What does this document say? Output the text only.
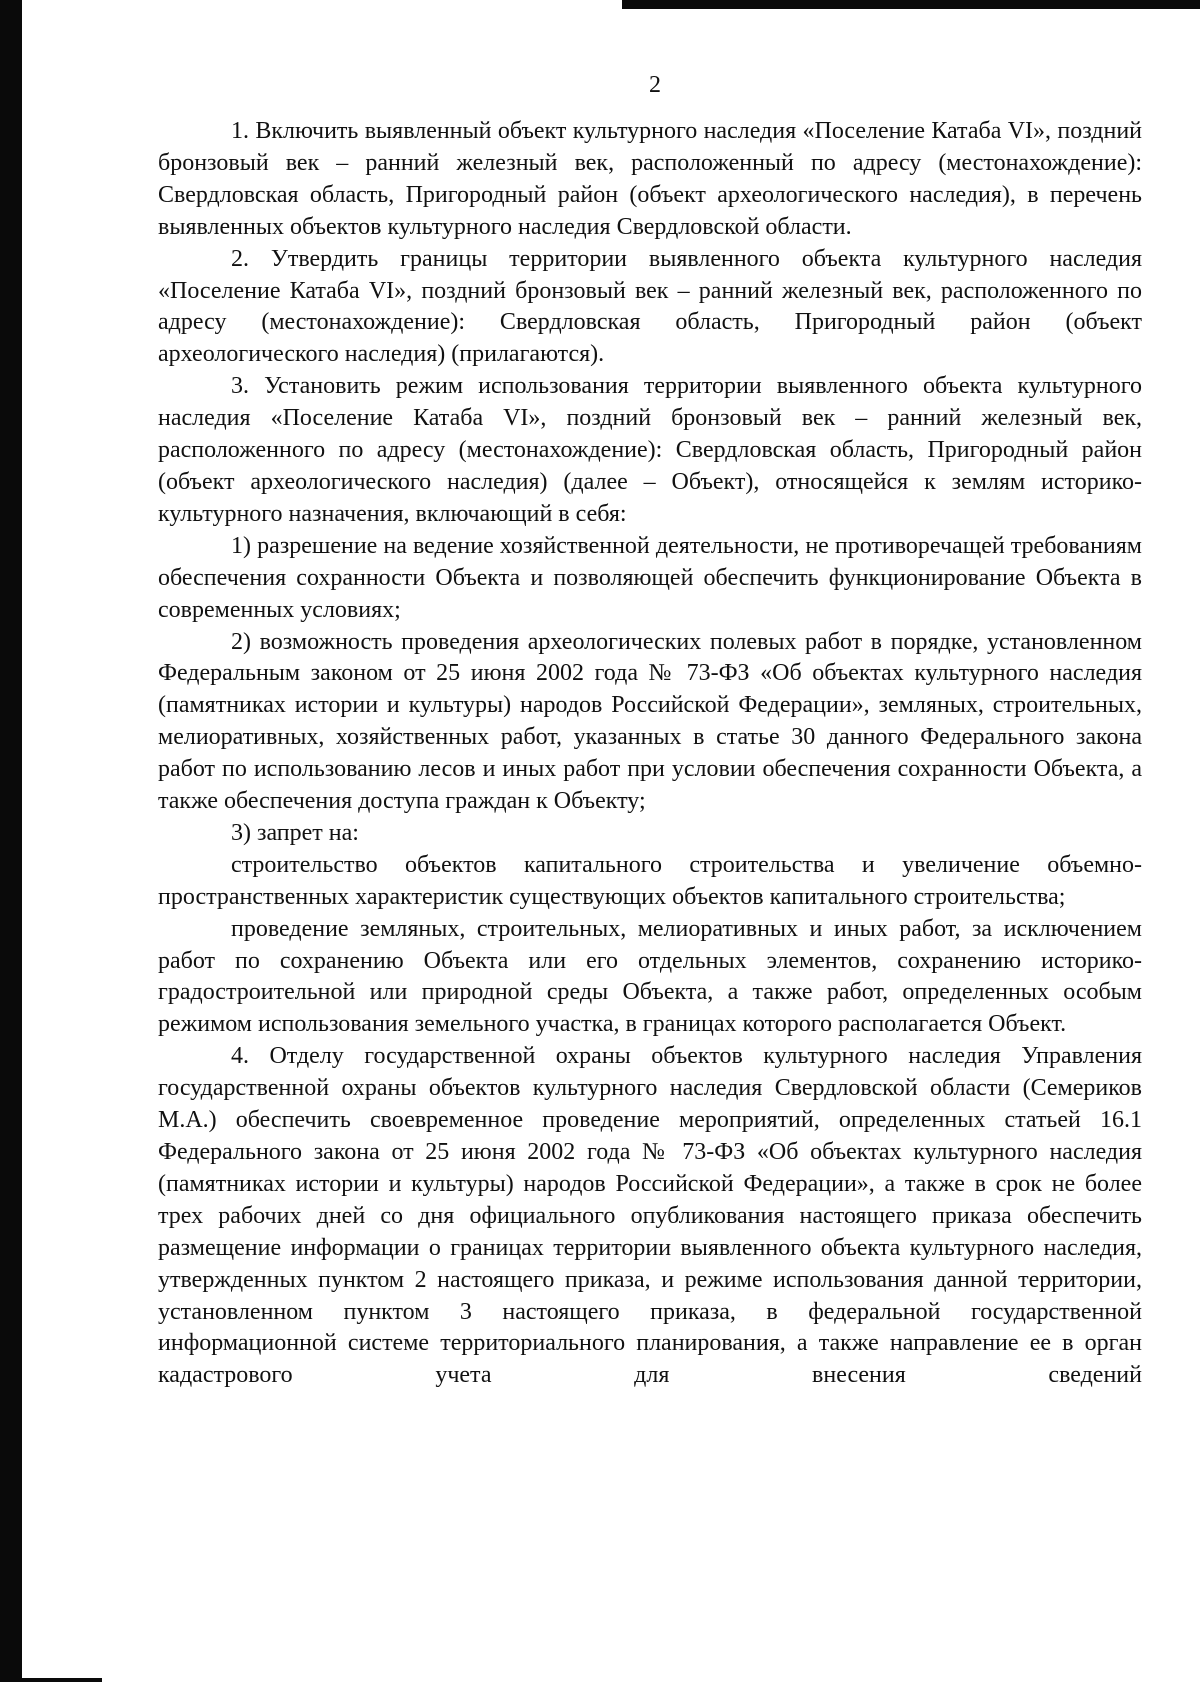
2

1. Включить выявленный объект культурного наследия «Поселение Катаба VI», поздний бронзовый век – ранний железный век, расположенный по адресу (местонахождение): Свердловская область, Пригородный район (объект археологического наследия), в перечень выявленных объектов культурного наследия Свердловской области.

2. Утвердить границы территории выявленного объекта культурного наследия «Поселение Катаба VI», поздний бронзовый век – ранний железный век, расположенного по адресу (местонахождение): Свердловская область, Пригородный район (объект археологического наследия) (прилагаются).

3. Установить режим использования территории выявленного объекта культурного наследия «Поселение Катаба VI», поздний бронзовый век – ранний железный век, расположенного по адресу (местонахождение): Свердловская область, Пригородный район (объект археологического наследия) (далее – Объект), относящейся к землям историко-культурного назначения, включающий в себя:

1) разрешение на ведение хозяйственной деятельности, не противоречащей требованиям обеспечения сохранности Объекта и позволяющей обеспечить функционирование Объекта в современных условиях;

2) возможность проведения археологических полевых работ в порядке, установленном Федеральным законом от 25 июня 2002 года № 73-ФЗ «Об объектах культурного наследия (памятниках истории и культуры) народов Российской Федерации», земляных, строительных, мелиоративных, хозяйственных работ, указанных в статье 30 данного Федерального закона работ по использованию лесов и иных работ при условии обеспечения сохранности Объекта, а также обеспечения доступа граждан к Объекту;

3) запрет на:

строительство объектов капитального строительства и увеличение объемно-пространственных характеристик существующих объектов капитального строительства;

проведение земляных, строительных, мелиоративных и иных работ, за исключением работ по сохранению Объекта или его отдельных элементов, сохранению историко-градостроительной или природной среды Объекта, а также работ, определенных особым режимом использования земельного участка, в границах которого располагается Объект.

4. Отделу государственной охраны объектов культурного наследия Управления государственной охраны объектов культурного наследия Свердловской области (Семериков М.А.) обеспечить своевременное проведение мероприятий, определенных статьей 16.1 Федерального закона от 25 июня 2002 года № 73-ФЗ «Об объектах культурного наследия (памятниках истории и культуры) народов Российской Федерации», а также в срок не более трех рабочих дней со дня официального опубликования настоящего приказа обеспечить размещение информации о границах территории выявленного объекта культурного наследия, утвержденных пунктом 2 настоящего приказа, и режиме использования данной территории, установленном пунктом 3 настоящего приказа, в федеральной государственной информационной системе территориального планирования, а также направление ее в орган кадастрового учета для внесения сведений
